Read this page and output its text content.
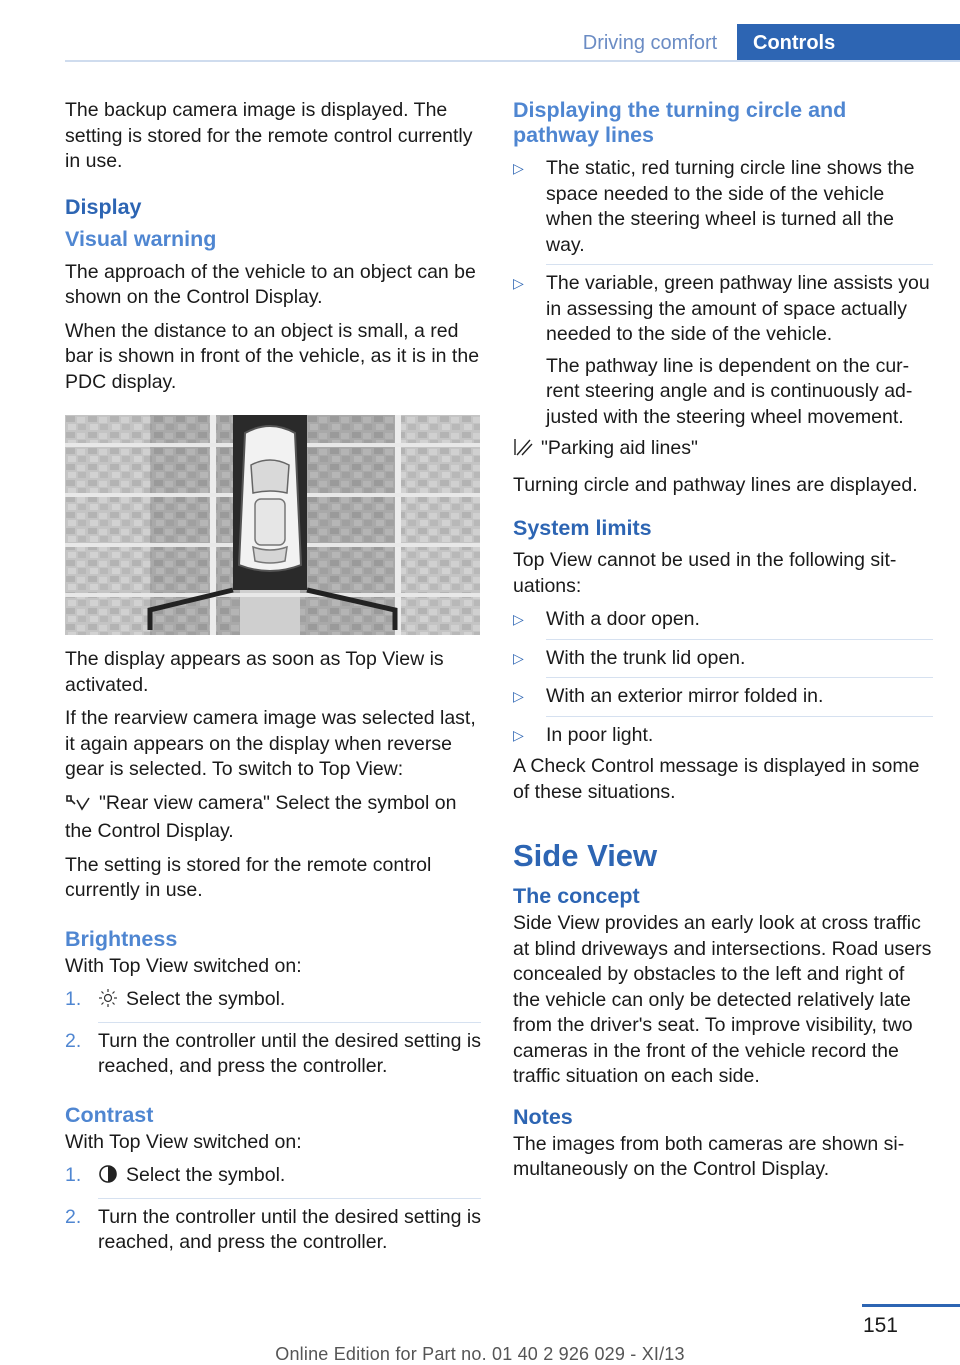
Driving comfort	Controls

The backup camera image is displayed. The setting is stored for the remote control currently in use.

Display
Visual warning

The approach of the vehicle to an object can be shown on the Control Display.

When the distance to an object is small, a red bar is shown in front of the vehicle, as it is in the PDC display.

The display appears as soon as Top View is activated.

If the rearview camera image was selected last, it again appears on the display when reverse gear is selected. To switch to Top View:

"Rear view camera" Select the symbol on the Control Display.

The setting is stored for the remote control currently in use.

Brightness

With Top View switched on:

1. Select the symbol.
2. Turn the controller until the desired setting is reached, and press the controller.
Contrast

With Top View switched on:

1. Select the symbol.
2. Turn the controller until the desired setting is reached, and press the controller.
Displaying the turning circle and pathway lines
▷ The static, red turning circle line shows the space needed to the side of the vehicle when the steering wheel is turned all the way.
▷ The variable, green pathway line assists you in assessing the amount of space actually needed to the side of the vehicle.
The pathway line is dependent on the current steering angle and is continuously adjusted with the steering wheel movement.

"Parking aid lines"

Turning circle and pathway lines are displayed.

System limits

Top View cannot be used in the following situations:

▷ With a door open.
▷ With the trunk lid open.
▷ With an exterior mirror folded in.
▷ In poor light.

A Check Control message is displayed in some of these situations.

Side View
The concept

Side View provides an early look at cross traffic at blind driveways and intersections. Road users concealed by obstacles to the left and right of the vehicle can only be detected relatively late from the driver's seat. To improve visibility, two cameras in the front of the vehicle record the traffic situation on each side.

Notes

The images from both cameras are shown simultaneously on the Control Display.

151
Online Edition for Part no. 01 40 2 926 029 - XI/13
